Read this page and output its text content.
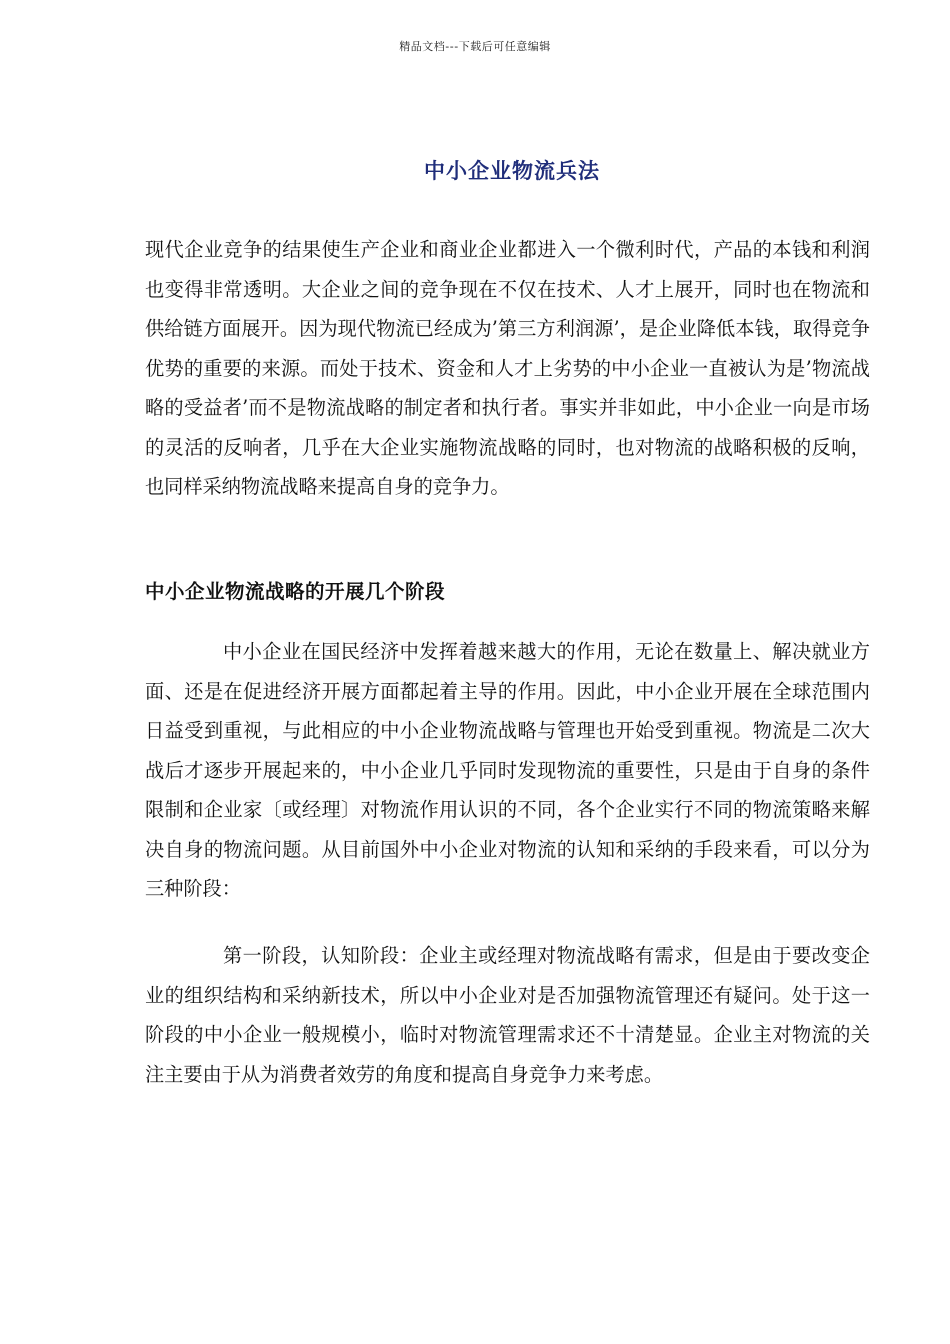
精品文档---下载后可任意编辑
中小企业物流兵法
现代企业竞争的结果使生产企业和商业企业都进入一个微利时代，产品的本钱和利润也变得非常透明。大企业之间的竞争现在不仅在技术、人才上展开，同时也在物流和供给链方面展开。因为现代物流已经成为’第三方利润源’，是企业降低本钱，取得竞争优势的重要的来源。而处于技术、资金和人才上劣势的中小企业一直被认为是’物流战略的受益者’而不是物流战略的制定者和执行者。事实并非如此，中小企业一向是市场的灵活的反响者，几乎在大企业实施物流战略的同时，也对物流的战略积极的反响，也同样采纳物流战略来提高自身的竞争力。
中小企业物流战略的开展几个阶段
中小企业在国民经济中发挥着越来越大的作用，无论在数量上、解决就业方面、还是在促进经济开展方面都起着主导的作用。因此，中小企业开展在全球范围内日益受到重视，与此相应的中小企业物流战略与管理也开始受到重视。物流是二次大战后才逐步开展起来的，中小企业几乎同时发现物流的重要性，只是由于自身的条件限制和企业家〔或经理〕对物流作用认识的不同，各个企业实行不同的物流策略来解决自身的物流问题。从目前国外中小企业对物流的认知和采纳的手段来看，可以分为三种阶段：
第一阶段，认知阶段：企业主或经理对物流战略有需求，但是由于要改变企业的组织结构和采纳新技术，所以中小企业对是否加强物流管理还有疑问。处于这一阶段的中小企业一般规模小，临时对物流管理需求还不十清楚显。企业主对物流的关注主要由于从为消费者效劳的角度和提高自身竞争力来考虑。
